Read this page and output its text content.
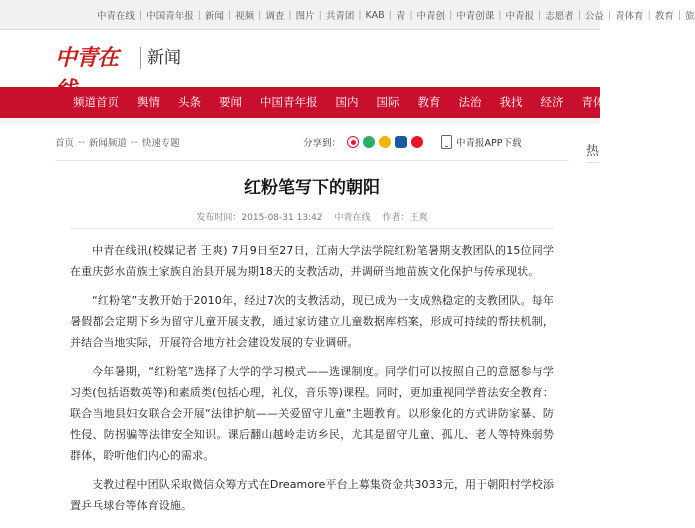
中青在线 | 中国青年报 | 新闻 | 视频 | 调查 | 图片 | 共青团 | KAB | 青 | 中青创 | 中青创课 | 中青报 | 志愿者 | 公益 | 青体育 | 教育 | 旅
中青在	新闻
频道首页	舆情	头条	要闻	中国青年报	国内	国际	教育	法治	我找	经济	青体育
首页 -- 新闻频道 -- 快速专题	分享到：	中青报APP下载
热
红粉笔写下的朝阳
发布时间：2015-08-31 13:42 中青在线 作者：王爽

中青在线讯(校媒记者 王爽) 7月9日至27日，江南大学法学院红粉笔暑期支教团队的15位同学在重庆彭水苗族土家族自治县开展为期18天的支教活动，并调研当地苗族文化保护与传承现状。

“红粉笔”支教开始于2010年，经过7次的支教活动，现已成为一支成熟稳定的支教团队。每年暑假都会定期下乡为留守儿童开展支教，通过家访建立儿童数据库档案，形成可持续的帮扶机制，并结合当地实际，开展符合地方社会建设发展的专业调研。

今年暑期，“红粉笔”选择了大学的学习模式——选课制度。同学们可以按照自己的意愿参与学习类(包括语数英等)和素质类(包括心理，礼仪，音乐等)课程。同时，更加重视同学普法安全教育：联合当地县妇女联合会开展“法律护航——关爱留守儿童”主题教育。以形象化的方式讲防家暴、防性侵、防拐骗等法律安全知识。课后翻山越岭走访乡民，尤其是留守儿童、孤儿、老人等特殊弱势群体，聆听他们内心的需求。

支教过程中团队采取微信众筹方式在Dreamore平台上募集资金共3033元，用于朝阳村学校添置乒乓球台等体育设施。
